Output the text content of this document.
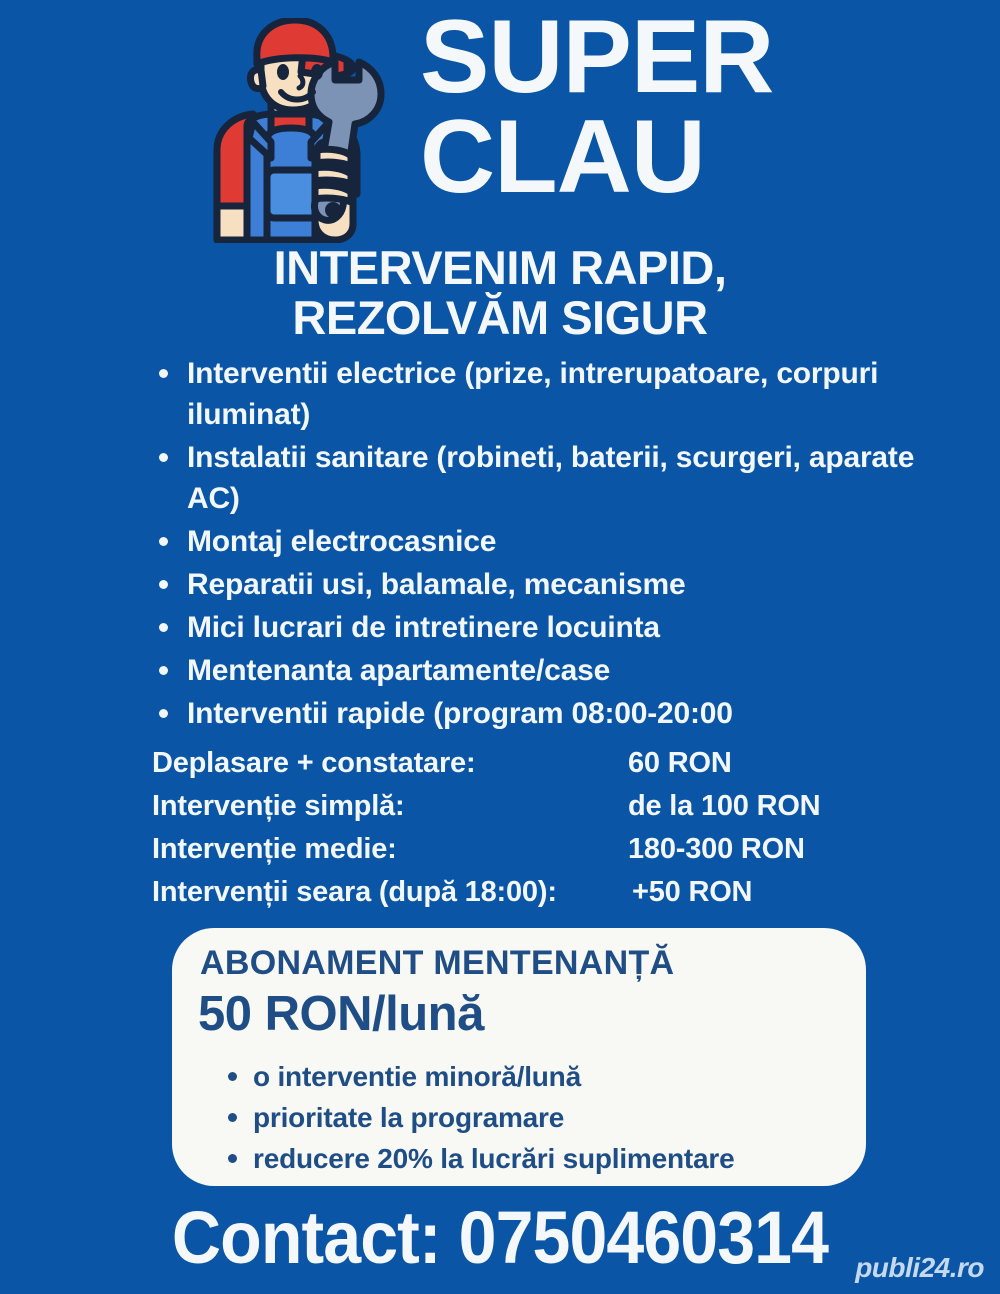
SUPER
CLAU
INTERVENIM RAPID,
REZOLVĂM SIGUR
Interventii electrice (prize, intrerupatoare, corpuri iluminat)
Instalatii sanitare (robineti, baterii, scurgeri, aparate AC)
Montaj electrocasnice
Reparatii usi, balamale, mecanisme
Mici lucrari de intretinere locuinta
Mentenanta apartamente/case
Interventii rapide (program 08:00-20:00
Deplasare + constatare:	60 RON
Intervenție simplă:	de la 100 RON
Intervenție medie:	180-300 RON
Intervenții seara (după 18:00):	+50 RON
ABONAMENT MENTENANȚĂ
50 RON/lună
o interventie minoră/lună
prioritate la programare
reducere 20% la lucrări suplimentare
Contact: 0750460314 publi24.ro
